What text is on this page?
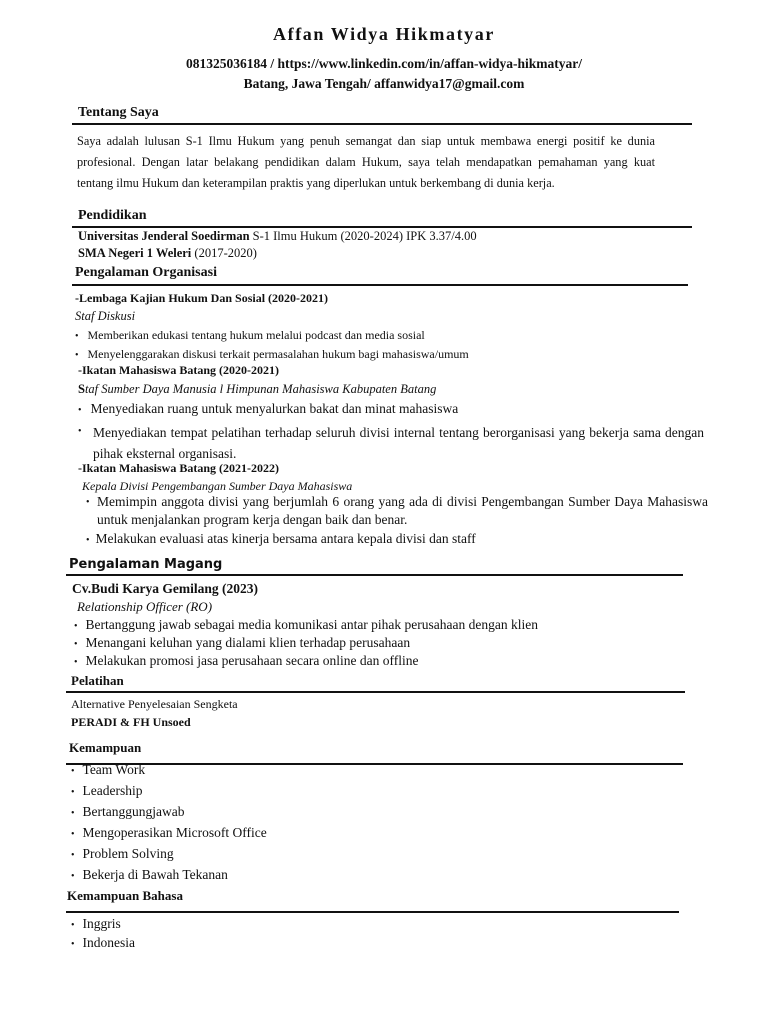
Affan Widya Hikmatyar
081325036184 / https://www.linkedin.com/in/affan-widya-hikmatyar/
Batang, Jawa Tengah/ affanwidya17@gmail.com
Tentang Saya
Saya adalah lulusan S-1 Ilmu Hukum yang penuh semangat dan siap untuk membawa energi positif ke dunia profesional. Dengan latar belakang pendidikan dalam Hukum, saya telah mendapatkan pemahaman yang kuat tentang ilmu Hukum dan keterampilan praktis yang diperlukan untuk berkembang di dunia kerja.
Pendidikan
Universitas Jenderal Soedirman S-1 Ilmu Hukum (2020-2024) IPK 3.37/4.00
SMA Negeri 1 Weleri (2017-2020)
Pengalaman Organisasi
-Lembaga Kajian Hukum Dan Sosial (2020-2021)
Staf Diskusi
• Memberikan edukasi tentang hukum melalui podcast dan media sosial
• Menyelenggarakan diskusi terkait permasalahan hukum bagi mahasiswa/umum
-Ikatan Mahasiswa Batang (2020-2021)
Staf Sumber Daya Manusia l Himpunan Mahasiswa Kabupaten Batang
• Menyediakan ruang untuk menyalurkan bakat dan minat mahasiswa
• Menyediakan tempat pelatihan terhadap seluruh divisi internal tentang berorganisasi yang bekerja sama dengan pihak eksternal organisasi.
-Ikatan Mahasiswa Batang (2021-2022)
Kepala Divisi Pengembangan Sumber Daya Mahasiswa
• Memimpin anggota divisi yang berjumlah 6 orang yang ada di divisi Pengembangan Sumber Daya Mahasiswa untuk menjalankan program kerja dengan baik dan benar.
• Melakukan evaluasi atas kinerja bersama antara kepala divisi dan staff
Pengalaman Magang
Cv.Budi Karya Gemilang (2023)
Relationship Officer (RO)
• Bertanggung jawab sebagai media komunikasi antar pihak perusahaan dengan klien
• Menangani keluhan yang dialami klien terhadap perusahaan
• Melakukan promosi jasa perusahaan secara online dan offline
Pelatihan
Alternative Penyelesaian Sengketa
PERADI & FH Unsoed
Kemampuan
• Team Work
• Leadership
• Bertanggungjawab
• Mengoperasikan Microsoft Office
• Problem Solving
• Bekerja di Bawah Tekanan
Kemampuan Bahasa
• Inggris
• Indonesia
